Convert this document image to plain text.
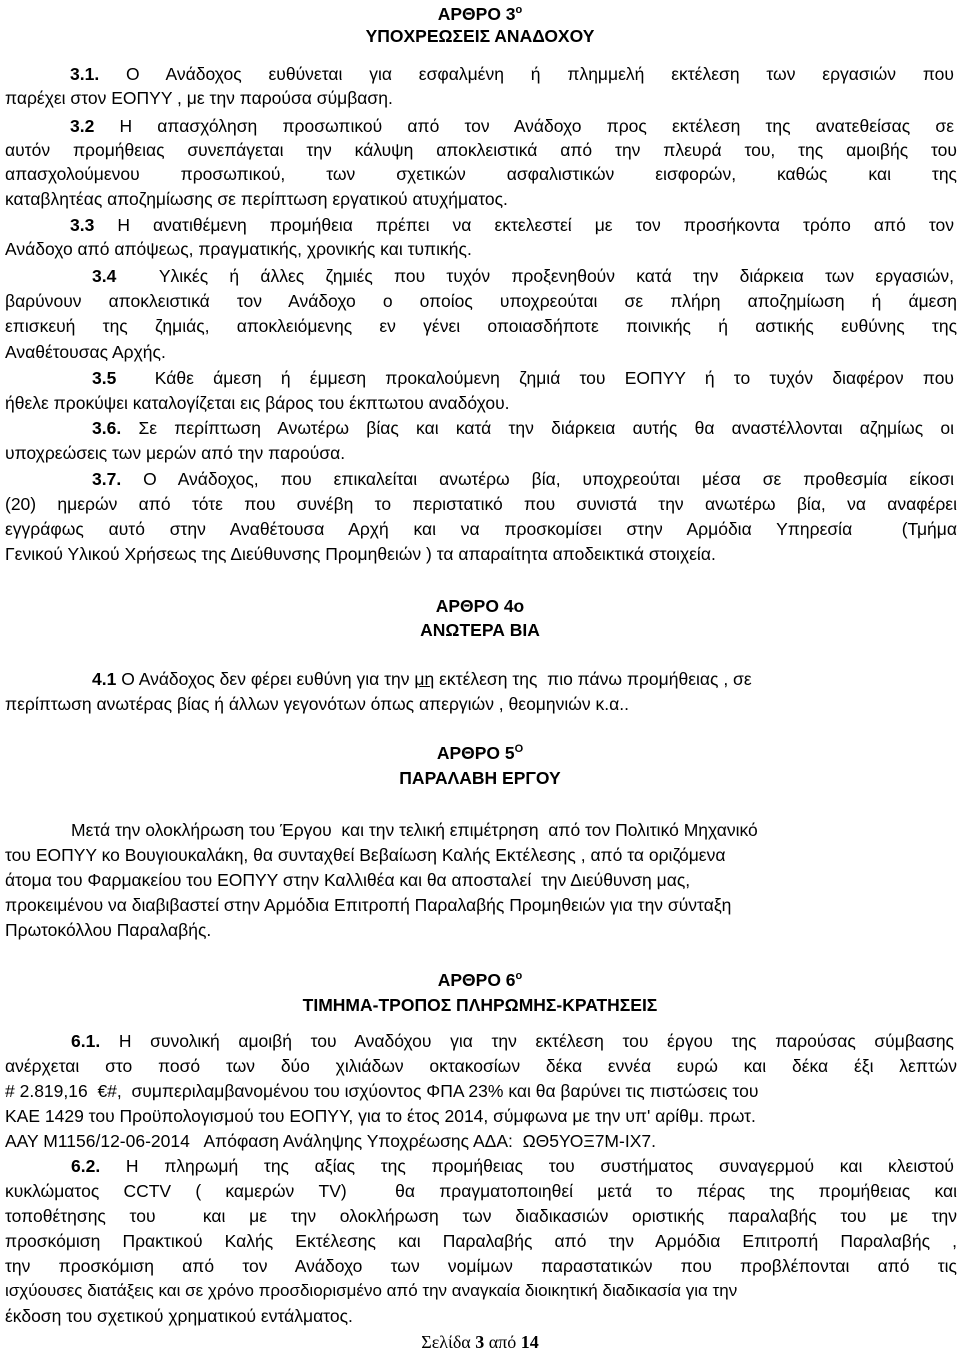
ΑΡΘΡΟ $3^o$
ΥΠΟΧΡΕΩΣΕΙΣ ΑΝΑΔΟΧΟΥ
3.1. Ο Ανάδοχος ευθύνεται για εσφαλμένη ή πλημμελή εκτέλεση των εργασιών που
παρέχει στον ΕΟΠΥΥ , με την παρούσα σύμβαση.
3.2 Η απασχόληση προσωπικού από τον Ανάδοχο προς εκτέλεση της ανατεθείσας σε
αυτόν προμήθειας συνεπάγεται την κάλυψη αποκλειστικά από την πλευρά του, της αμοιβής του
απασχολούμενου προσωπικού, των σχετικών ασφαλιστικών εισφορών, καθώς και της
καταβλητέας αποζημίωσης σε περίπτωση εργατικού ατυχήματος.
3.3 Η ανατιθέμενη προμήθεια πρέπει να εκτελεστεί με τον προσήκοντα τρόπο από τον
Ανάδοχο από απόψεως, πραγματικής, χρονικής και τυπικής.
3.4 Υλικές ή άλλες ζημιές που τυχόν προξενηθούν κατά την διάρκεια των εργασιών,
βαρύνουν αποκλειστικά τον Ανάδοχο ο οποίος υποχρεούται σε πλήρη αποζημίωση ή άμεση
επισκευή της ζημιάς, αποκλειόμενης εν γένει οποιασδήποτε ποινικής ή αστικής ευθύνης της
Αναθέτουσας Αρχής.
3.5 Κάθε άμεση ή έμμεση προκαλούμενη ζημιά του ΕΟΠΥΥ ή το τυχόν διαφέρον που
ήθελε προκύψει καταλογίζεται εις βάρος του έκπτωτου αναδόχου.
3.6. Σε περίπτωση Ανωτέρω βίας και κατά την διάρκεια αυτής θα αναστέλλονται αζημίως οι
υποχρεώσεις των μερών από την παρούσα.
3.7. Ο Ανάδοχος, που επικαλείται ανωτέρω βία, υποχρεούται μέσα σε προθεσμία είκοσι
(20) ημερών από τότε που συνέβη το περιστατικό που συνιστά την ανωτέρω βία, να αναφέρει
εγγράφως αυτό στην Αναθέτουσα Αρχή και να προσκομίσει στην Αρμόδια Υπηρεσία  (Τμήμα
Γενικού Υλικού Χρήσεως της Διεύθυνσης Προμηθειών ) τα απαραίτητα αποδεικτικά στοιχεία.
ΑΡΘΡΟ 4ο
ΑΝΩΤΕΡΑ ΒΙΑ
4.1 Ο Ανάδοχος δεν φέρει ευθύνη για την μη εκτέλεση της  πιο πάνω προμήθειας , σε
περίπτωση ανωτέρας βίας ή άλλων γεγονότων όπως απεργιών , θεομηνιών κ.α..
ΑΡΘΡΟ $5^O$
ΠΑΡΑΛΑΒΗ ΕΡΓΟΥ
Μετά την ολοκλήρωση του Έργου  και την τελική επιμέτρηση  από τον Πολιτικό Μηχανικό
του ΕΟΠΥΥ κο Βουγιουκαλάκη, θα συνταχθεί Βεβαίωση Καλής Εκτέλεσης , από τα οριζόμενα
άτομα του Φαρμακείου του ΕΟΠΥΥ στην Καλλιθέα και θα αποσταλεί  την Διεύθυνση μας,
προκειμένου να διαβιβαστεί στην Αρμόδια Επιτροπή Παραλαβής Προμηθειών για την σύνταξη
Πρωτοκόλλου Παραλαβής.
ΑΡΘΡΟ $6^o$
ΤΙΜΗΜΑ-ΤΡΟΠΟΣ ΠΛΗΡΩΜΗΣ-ΚΡΑΤΗΣΕΙΣ
6.1. Η συνολική αμοιβή του Αναδόχου για την εκτέλεση του έργου της παρούσας σύμβασης
ανέρχεται στο ποσό των δύο χιλιάδων οκτακοσίων δέκα εννέα ευρώ και δέκα έξι λεπτών
# 2.819,16  €#,  συμπεριλαμβανομένου του ισχύοντος ΦΠΑ 23% και θα βαρύνει τις πιστώσεις του
ΚΑΕ 1429 του Προϋπολογισμού του ΕΟΠΥΥ, για το έτος 2014, σύμφωνα με την υπ' αρίθμ. πρωτ.
ΑΑΥ Μ1156/12-06-2014   Απόφαση Ανάληψης Υποχρέωσης ΑΔΑ:  ΩΘ5ΥΟΞ7Μ-ΙΧ7.
6.2. Η πληρωμή της αξίας της προμήθειας του συστήματος συναγερμού και κλειστού
κυκλώματος CCTV ( καμερών TV)  θα πραγματοποιηθεί μετά το πέρας της προμήθειας και
τοποθέτησης του  και με την ολοκλήρωση των διαδικασιών οριστικής παραλαβής του με την
προσκόμιση Πρακτικού Καλής Εκτέλεσης και Παραλαβής από την Αρμόδια Επιτροπή Παραλαβής ,
την προσκόμιση από τον Ανάδοχο των νομίμων παραστατικών που προβλέπονται από τις
ισχύουσες διατάξεις και σε χρόνο προσδιορισμένο από την αναγκαία διοικητική διαδικασία για την
έκδοση του σχετικού χρηματικού εντάλματος.
Σελίδα 3 από 14
